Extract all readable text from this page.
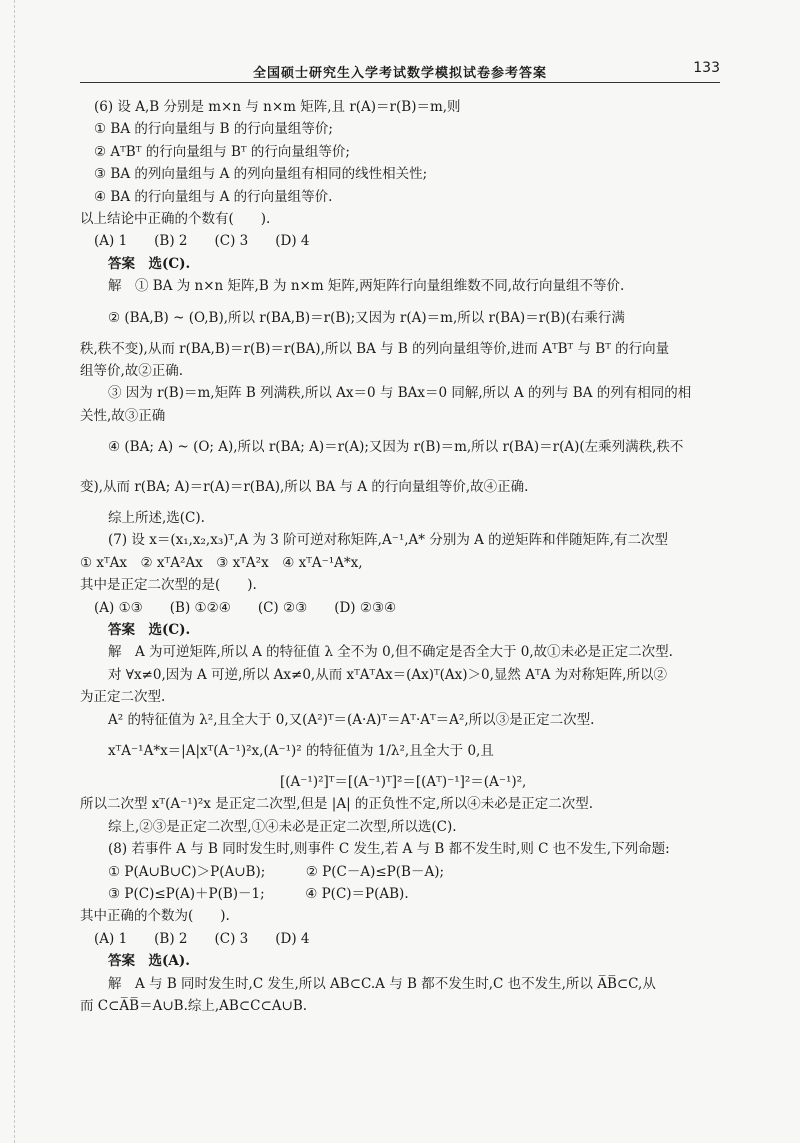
全国硕士研究生入学考试数学模拟试卷参考答案	133
(6) 设 A,B 分别是 m×n 与 n×m 矩阵,且 r(A)＝r(B)＝m,则
① BA 的行向量组与 B 的行向量组等价;
② AᵀBᵀ 的行向量组与 Bᵀ 的行向量组等价;
③ BA 的列向量组与 A 的列向量组有相同的线性相关性;
④ BA 的行向量组与 A 的行向量组等价.
以上结论中正确的个数有(　　).
(A) 1　　(B) 2　　(C) 3　　(D) 4
答案　选(C).
解　① BA 为 n×n 矩阵,B 为 n×m 矩阵,两矩阵行向量组维数不同,故行向量组不等价.
② (BA,B) ~ (O,B),所以 r(BA,B)＝r(B);又因为 r(A)＝m,所以 r(BA)＝r(B)(右乘行满
秩,秩不变),从而 r(BA,B)＝r(B)＝r(BA),所以 BA 与 B 的列向量组等价,进而 AᵀBᵀ 与 Bᵀ 的行向量
组等价,故②正确.
③ 因为 r(B)＝m,矩阵 B 列满秩,所以 Ax＝0 与 BAx＝0 同解,所以 A 的列与 BA 的列有相同的相
关性,故③正确
④ (BA; A) ~ (O; A),所以 r(BA; A)＝r(A);又因为 r(B)＝m,所以 r(BA)＝r(A)(左乘列满秩,秩不
变),从而 r(BA; A)＝r(A)＝r(BA),所以 BA 与 A 的行向量组等价,故④正确.
综上所述,选(C).
(7) 设 x＝(x₁,x₂,x₃)ᵀ,A 为 3 阶可逆对称矩阵,A⁻¹,A* 分别为 A 的逆矩阵和伴随矩阵,有二次型
① xᵀAx　② xᵀA²Ax　③ xᵀA²x　④ xᵀA⁻¹A*x,
其中是正定二次型的是(　　).
(A) ①③　　(B) ①②④　　(C) ②③　　(D) ②③④
答案　选(C).
解　A 为可逆矩阵,所以 A 的特征值 λ 全不为 0,但不确定是否全大于 0,故①未必是正定二次型.
对 ∀x≠0,因为 A 可逆,所以 Ax≠0,从而 xᵀAᵀAx＝(Ax)ᵀ(Ax)＞0,显然 AᵀA 为对称矩阵,所以②
为正定二次型.
A² 的特征值为 λ²,且全大于 0,又(A²)ᵀ＝(A·A)ᵀ＝Aᵀ·Aᵀ＝A²,所以③是正定二次型.
xᵀA⁻¹A*x＝|A|xᵀ(A⁻¹)²x,(A⁻¹)² 的特征值为 1/λ²,且全大于 0,且
[(A⁻¹)²]ᵀ＝[(A⁻¹)ᵀ]²＝[(Aᵀ)⁻¹]²＝(A⁻¹)²,
所以二次型 xᵀ(A⁻¹)²x 是正定二次型,但是 |A| 的正负性不定,所以④未必是正定二次型.
综上,②③是正定二次型,①④未必是正定二次型,所以选(C).
(8) 若事件 A 与 B 同时发生时,则事件 C 发生,若 A 与 B 都不发生时,则 C 也不发生,下列命题:
① P(A∪B∪C)＞P(A∪B);　　　② P(C－A)≤P(B－A);
③ P(C)≤P(A)＋P(B)－1;　　　④ P(C)＝P(AB).
其中正确的个数为(　　).
(A) 1　　(B) 2　　(C) 3　　(D) 4
答案　选(A).
解　A 与 B 同时发生时,C 发生,所以 AB⊂C.A 与 B 都不发生时,C 也不发生,所以 A̅B̅⊂C,从
而 C⊂A̅B̅＝A∪B.综上,AB⊂C⊂A∪B.
